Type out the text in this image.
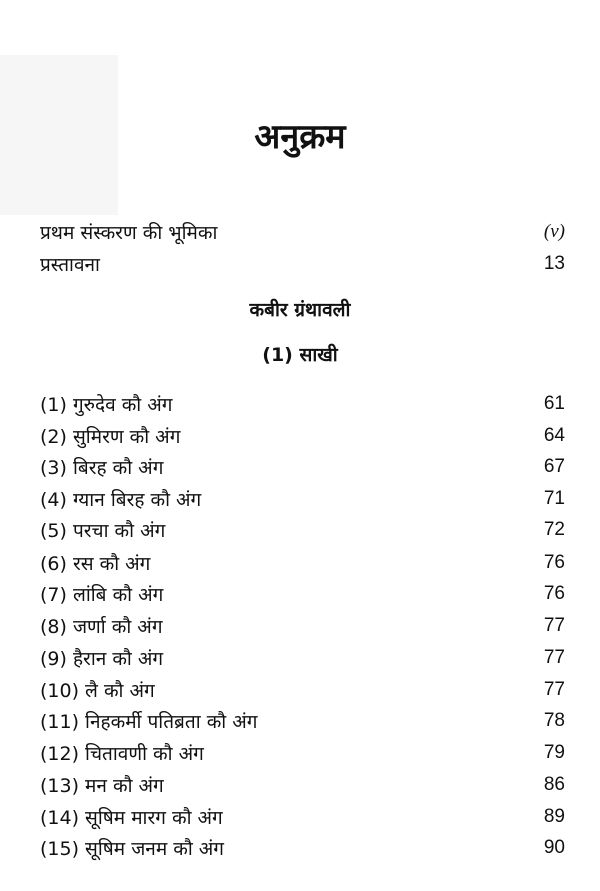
अनुक्रम
प्रथम संस्करण की भूमिका	(v)
प्रस्तावना	13
कबीर ग्रंथावली
(1) साखी
(1) गुरुदेव कौ अंग	61
(2) सुमिरण कौ अंग	64
(3) बिरह कौ अंग	67
(4) ग्यान बिरह कौ अंग	71
(5) परचा कौ अंग	72
(6) रस कौ अंग	76
(7) लांबि कौ अंग	76
(8) जर्णा कौ अंग	77
(9) हैरान कौ अंग	77
(10) लै कौ अंग	77
(11) निहकर्मी पतिब्रता कौ अंग	78
(12) चितावणी कौ अंग	79
(13) मन कौ अंग	86
(14) सूषिम मारग कौ अंग	89
(15) सूषिम जनम कौ अंग	90
